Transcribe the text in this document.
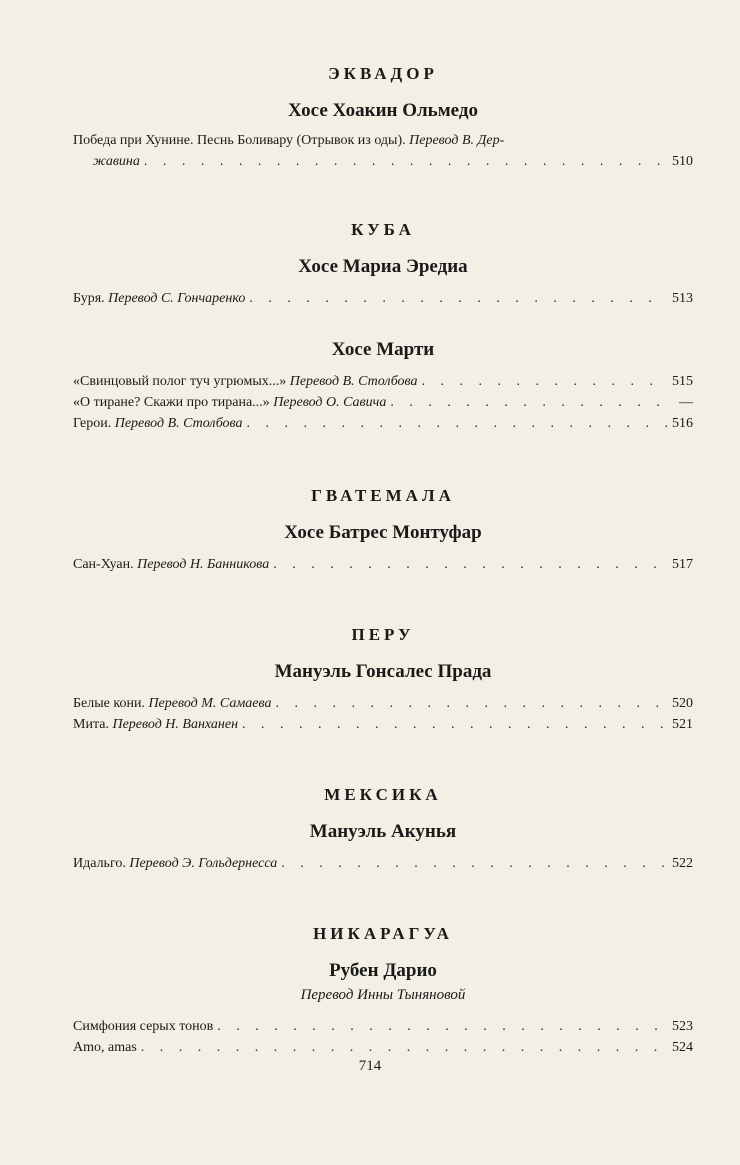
ЭКВАДОР
Хосе Хоакин Ольмедо
Победа при Хунине. Песнь Боливару (Отрывок из оды). Перевод В. Дер-
жавина . . .	510
КУБА
Хосе Мариа Эредиа
Буря. Перевод С. Гончаренко . . .	513
Хосе Марти
«Свинцовый полог туч угрюмых...» Перевод В. Столбова . . .	515
«О тиране? Скажи про тирана...» Перевод О. Савича . . .	—
Герои. Перевод В. Столбова . . .	516
ГВАТЕМАЛА
Хосе Батрес Монтуфар
Сан-Хуан. Перевод Н. Банникова . . .	517
ПЕРУ
Мануэль Гонсалес Прада
Белые кони. Перевод М. Самаева . . .	520
Мита. Перевод Н. Ванханен . . .	521
МЕКСИКА
Мануэль Акунья
Идальго. Перевод Э. Гольдернесса . . .	522
НИКАРАГУА
Рубен Дарио
Перевод Инны Тыняновой
Симфония серых тонов . . .	523
Amo, amas . . .	524
714
